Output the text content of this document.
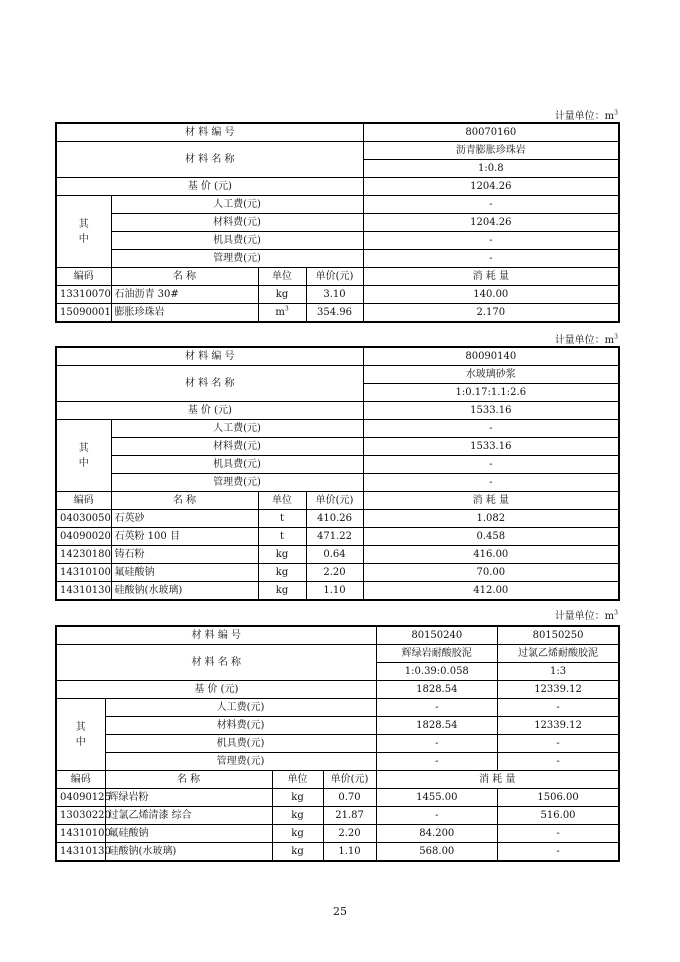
计量单位：$m^3$
材 料 编 号				80070160
材 料 名 称				沥青膨胀珍珠岩
				1:0.8
基 价 (元)				1204.26

其
中	人工费(元)			-
	材料费(元)			1204.26
	机具费(元)			-
	管理费(元)			-
编码	名 称	单位	单价(元)	消 耗 量
13310070	石油沥青 30#	kg	3.10	140.00
15090001	膨胀珍珠岩	$m^3$	354.96	2.170
计量单位：$m^3$
材 料 编 号				80090140
材 料 名 称				水玻璃砂浆
				1:0.17:1.1:2.6
基 价 (元)				1533.16

其
中	人工费(元)			-
	材料费(元)			1533.16
	机具费(元)			-
	管理费(元)			-
编码	名 称	单位	单价(元)	消 耗 量
04030050	石英砂	t	410.26	1.082
04090020	石英粉 100 目	t	471.22	0.458
14230180	铸石粉	kg	0.64	416.00
14310100	氟硅酸钠	kg	2.20	70.00
14310130	硅酸钠(水玻璃)	kg	1.10	412.00
计量单位：$m^3$
材 料 编 号				80150240	80150250
材 料 名 称				辉绿岩耐酸胶泥	过氯乙烯耐酸胶泥
				1:0.39:0.058	1:3
基 价 (元)				1828.54	12339.12

其
中	人工费(元)			-	-
	材料费(元)			1828.54	12339.12
	机具费(元)			-	-
	管理费(元)			-	-
编码	名 称	单位	单价(元)	消 耗 量	
04090125	辉绿岩粉	kg	0.70	1455.00	1506.00
13030220	过氯乙烯清漆 综合	kg	21.87	-	516.00
14310100	氟硅酸钠	kg	2.20	84.200	-
14310130	硅酸钠(水玻璃)	kg	1.10	568.00	-
25
